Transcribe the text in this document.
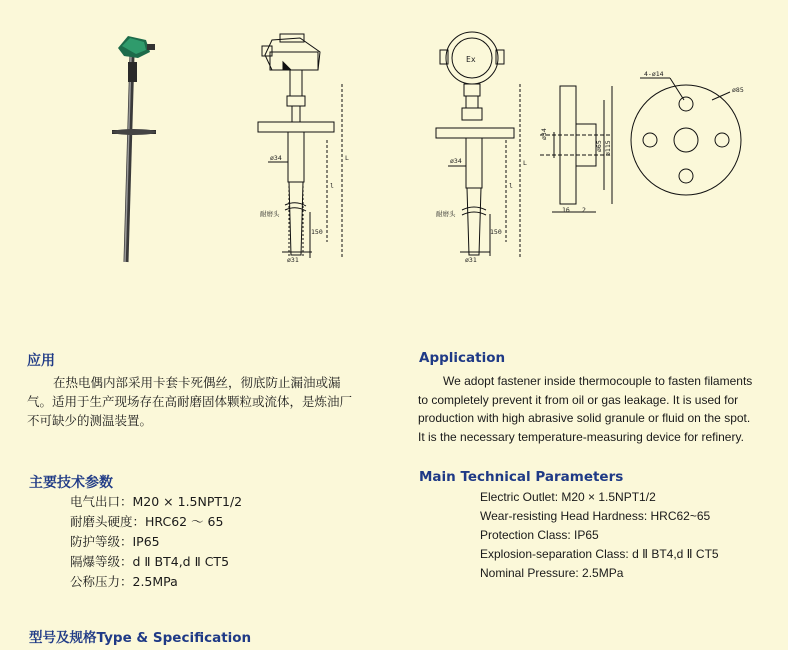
ø34
ø31
150
L
l
耐磨头
Ex
ø34
ø31
150
L
l
耐磨头
ø34
ø65 ø115
16 2
4-ø14
ø85
应用
在热电偶内部采用卡套卡死偶丝，彻底防止漏油或漏
气。适用于生产现场存在高耐磨固体颗粒或流体，是炼油厂
不可缺少的测温装置。
主要技术参数
电气出口：M20 × 1.5NPT1/2
耐磨头硬度：HRC62 ～ 65
防护等级：IP65
隔爆等级：d Ⅱ BT4,d Ⅱ CT5
公称压力：2.5MPa
型号及规格Type & Specification
Application
We adopt fastener inside thermocouple to fasten filaments
to completely prevent it from oil or gas leakage. It is used for
production with high abrasive solid granule or fluid on the spot.
It is the necessary temperature-measuring device for refinery.
Main Technical Parameters
Electric Outlet: M20 × 1.5NPT1/2
Wear-resisting Head Hardness: HRC62~65
Protection Class: IP65
Explosion-separation Class: d Ⅱ BT4,d Ⅱ CT5
Nominal Pressure: 2.5MPa
